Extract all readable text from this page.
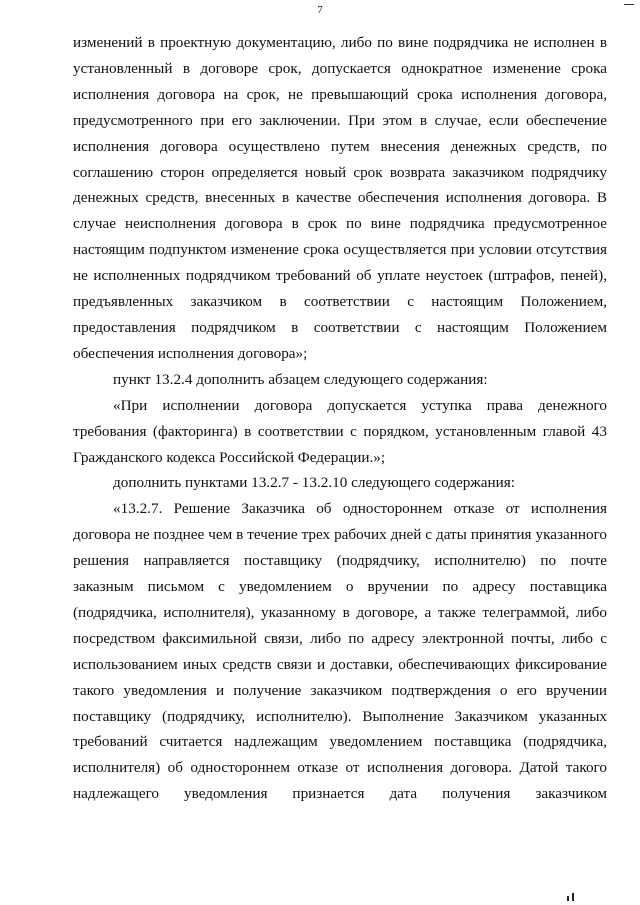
7

изменений в проектную документацию, либо по вине подрядчика не исполнен в установленный в договоре срок, допускается однократное изменение срока исполнения договора на срок, не превышающий срока исполнения договора, предусмотренного при его заключении. При этом в случае, если обеспечение исполнения договора осуществлено путем внесения денежных средств, по соглашению сторон определяется новый срок возврата заказчиком подрядчику денежных средств, внесенных в качестве обеспечения исполнения договора. В случае неисполнения договора в срок по вине подрядчика предусмотренное настоящим подпунктом изменение срока осуществляется при условии отсутствия не исполненных подрядчиком требований об уплате неустоек (штрафов, пеней), предъявленных заказчиком в соответствии с настоящим Положением, предоставления подрядчиком в соответствии с настоящим Положением обеспечения исполнения договора»;

пункт 13.2.4 дополнить абзацем следующего содержания:

«При исполнении договора допускается уступка права денежного требования (факторинга) в соответствии с порядком, установленным главой 43 Гражданского кодекса Российской Федерации.»;

дополнить пунктами 13.2.7 - 13.2.10 следующего содержания:

«13.2.7. Решение Заказчика об одностороннем отказе от исполнения договора не позднее чем в течение трех рабочих дней с даты принятия указанного решения направляется поставщику (подрядчику, исполнителю) по почте заказным письмом с уведомлением о вручении по адресу поставщика (подрядчика, исполнителя), указанному в договоре, а также телеграммой, либо посредством факсимильной связи, либо по адресу электронной почты, либо с использованием иных средств связи и доставки, обеспечивающих фиксирование такого уведомления и получение заказчиком подтверждения о его вручении поставщику (подрядчику, исполнителю). Выполнение Заказчиком указанных требований считается надлежащим уведомлением поставщика (подрядчика, исполнителя) об одностороннем отказе от исполнения договора. Датой такого надлежащего уведомления признается дата получения заказчиком
